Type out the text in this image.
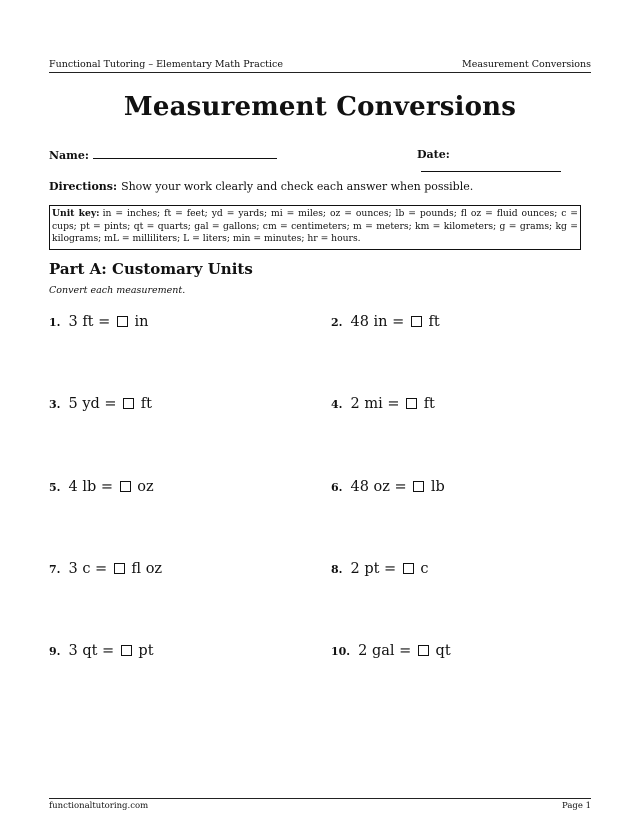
Functional Tutoring – Elementary Math Practice	Measurement Conversions
Measurement Conversions
Name:	Date:
Directions: Show your work clearly and check each answer when possible.
Unit key: in = inches; ft = feet; yd = yards; mi = miles; oz = ounces; lb = pounds; fl oz = fluid ounces; c = cups; pt = pints; qt = quarts; gal = gallons; cm = centimeters; m = meters; km = kilometers; g = grams; kg = kilograms; mL = milliliters; L = liters; min = minutes; hr = hours.
Part A: Customary Units
Convert each measurement.
1. 3 ft = in	2. 48 in = ft
3. 5 yd = ft	4. 2 mi = ft
5. 4 lb = oz	6. 48 oz = lb
7. 3 c = fl oz	8. 2 pt = c
9. 3 qt = pt	10. 2 gal = qt
functionaltutoring.com	Page 1
